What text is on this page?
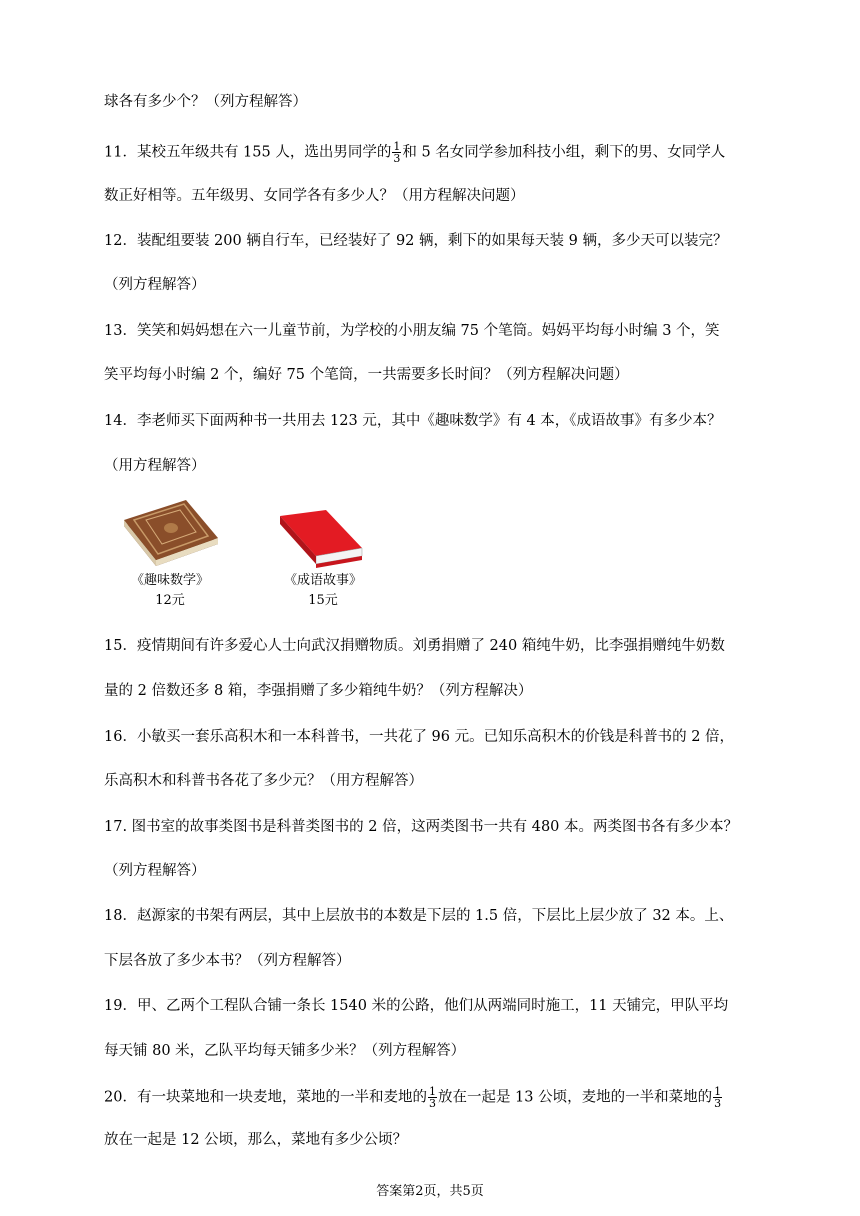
球各有多少个？（列方程解答）
11．某校五年级共有 155 人，选出男同学的 $\frac{1}{3}$ 和 5 名女同学参加科技小组，剩下的男、女同学人
数正好相等。五年级男、女同学各有多少人？（用方程解决问题）
12．装配组要装 200 辆自行车，已经装好了 92 辆，剩下的如果每天装 9 辆，多少天可以装完？
（列方程解答）
13．笑笑和妈妈想在六一儿童节前，为学校的小朋友编 75 个笔筒。妈妈平均每小时编 3 个，笑
笑平均每小时编 2 个，编好 75 个笔筒，一共需要多长时间？（列方程解决问题）
14．李老师买下面两种书一共用去 123 元，其中《趣味数学》有 4 本，《成语故事》有多少本？
（用方程解答）
《趣味数学》
12元
《成语故事》
15元
15．疫情期间有许多爱心人士向武汉捐赠物质。刘勇捐赠了 240 箱纯牛奶，比李强捐赠纯牛奶数
量的 2 倍数还多 8 箱，李强捐赠了多少箱纯牛奶？（列方程解决）
16．小敏买一套乐高积木和一本科普书，一共花了 96 元。已知乐高积木的价钱是科普书的 2 倍，
乐高积木和科普书各花了多少元？（用方程解答）
17. 图书室的故事类图书是科普类图书的 2 倍，这两类图书一共有 480 本。两类图书各有多少本？
（列方程解答）
18．赵源家的书架有两层，其中上层放书的本数是下层的 1.5 倍，下层比上层少放了 32 本。上、
下层各放了多少本书？（列方程解答）
19．甲、乙两个工程队合铺一条长 1540 米的公路，他们从两端同时施工，11 天铺完，甲队平均
每天铺 80 米，乙队平均每天铺多少米？（列方程解答）
20．有一块菜地和一块麦地，菜地的一半和麦地的 $\frac{1}{3}$ 放在一起是 13 公顷，麦地的一半和菜地的 $\frac{1}{3}$
放在一起是 12 公顷，那么，菜地有多少公顷？
答案第2页，共5页
